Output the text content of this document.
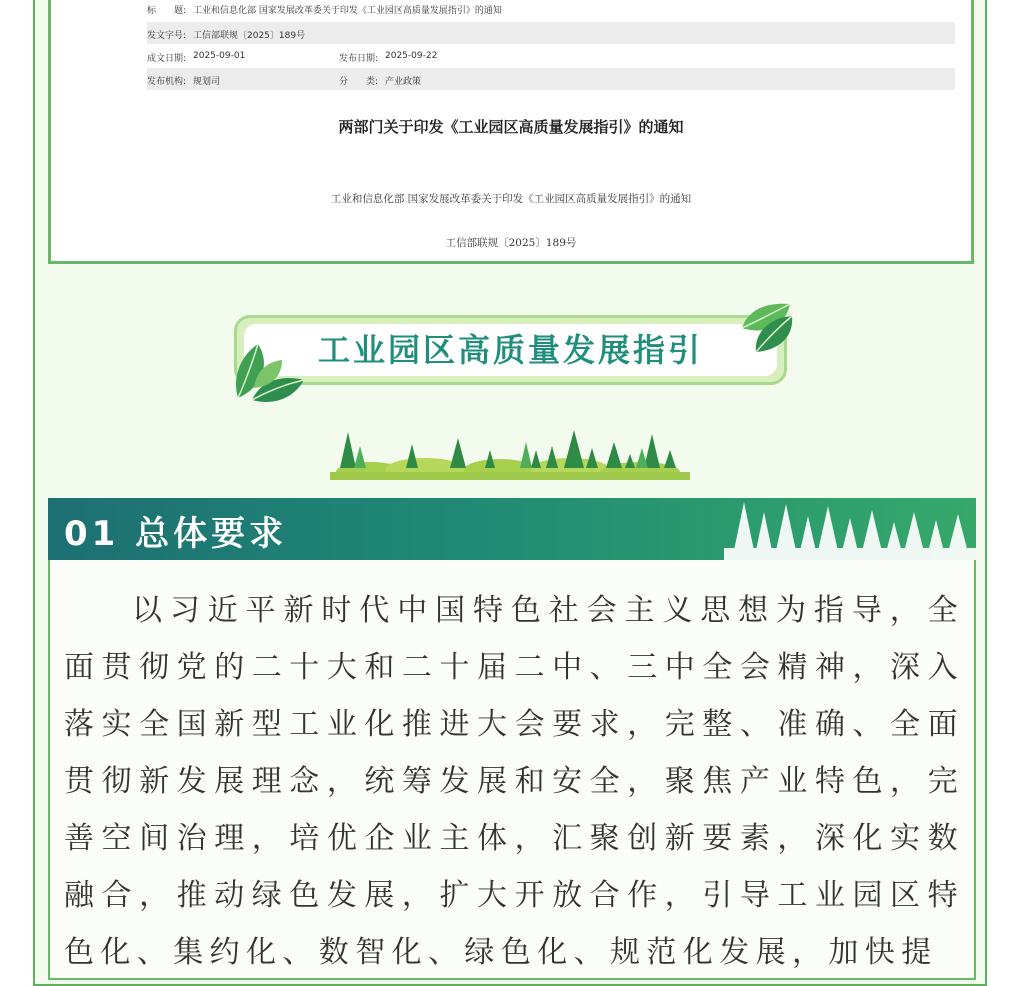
标　　题: 工业和信息化部 国家发展改革委关于印发《工业园区高质量发展指引》的通知
发文字号: 工信部联规〔2025〕189号
成文日期: 2025-09-01	发布日期: 2025-09-22
发布机构: 规划司	分　　类: 产业政策
两部门关于印发《工业园区高质量发展指引》的通知
工业和信息化部 国家发展改革委关于印发《工业园区高质量发展指引》的通知
工信部联规〔2025〕189号
工业园区高质量发展指引
01 总体要求
以习近平新时代中国特色社会主义思想为指导，全面贯彻党的二十大和二十届二中、三中全会精神，深入落实全国新型工业化推进大会要求，完整、准确、全面贯彻新发展理念，统筹发展和安全，聚焦产业特色，完善空间治理，培优企业主体，汇聚创新要素，深化实数融合，推动绿色发展，扩大开放合作，引导工业园区特色化、集约化、数智化、绿色化、规范化发展，加快提
